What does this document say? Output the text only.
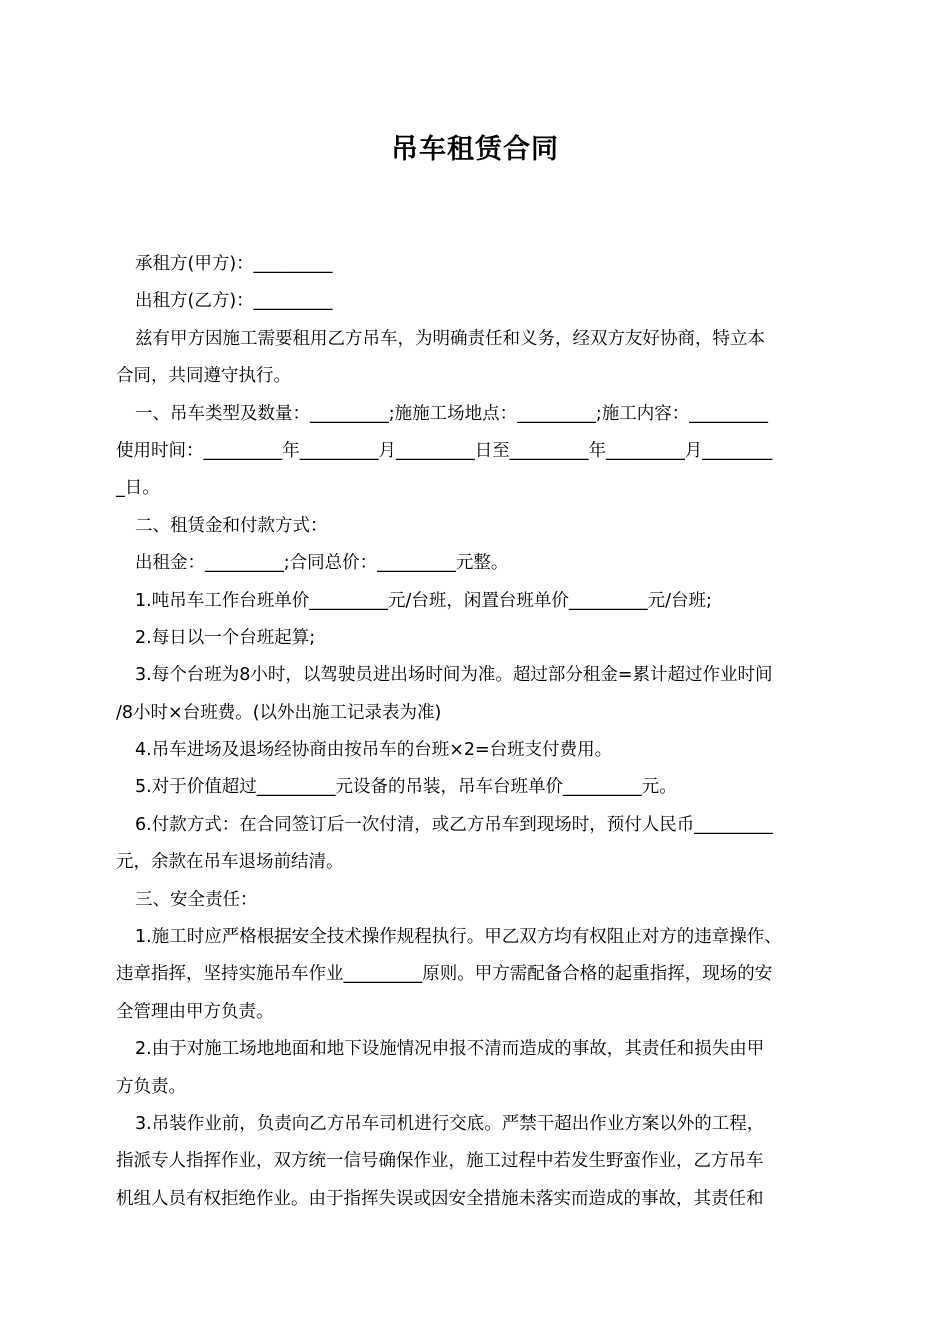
吊车租赁合同
承租方(甲方)：_________
出租方(乙方)：_________
兹有甲方因施工需要租用乙方吊车，为明确责任和义务，经双方友好协商，特立本
合同，共同遵守执行。
一、吊车类型及数量：_________;施施工场地点：_________;施工内容：_________
使用时间：_________年_________月_________日至_________年_________月________
_日。
二、租赁金和付款方式：
出租金：_________;合同总价：_________元整。
1.吨吊车工作台班单价_________元/台班，闲置台班单价_________元/台班;
2.每日以一个台班起算;
3.每个台班为8小时，以驾驶员进出场时间为准。超过部分租金=累计超过作业时间
/8小时×台班费。(以外出施工记录表为准)
4.吊车进场及退场经协商由按吊车的台班×2=台班支付费用。
5.对于价值超过_________元设备的吊装，吊车台班单价_________元。
6.付款方式：在合同签订后一次付清，或乙方吊车到现场时，预付人民币_________
元，余款在吊车退场前结清。
三、安全责任：
1.施工时应严格根据安全技术操作规程执行。甲乙双方均有权阻止对方的违章操作、
违章指挥，坚持实施吊车作业_________原则。甲方需配备合格的起重指挥，现场的安
全管理由甲方负责。
2.由于对施工场地地面和地下设施情况申报不清而造成的事故，其责任和损失由甲
方负责。
3.吊装作业前，负责向乙方吊车司机进行交底。严禁干超出作业方案以外的工程，
指派专人指挥作业，双方统一信号确保作业，施工过程中若发生野蛮作业，乙方吊车
机组人员有权拒绝作业。由于指挥失误或因安全措施未落实而造成的事故，其责任和
